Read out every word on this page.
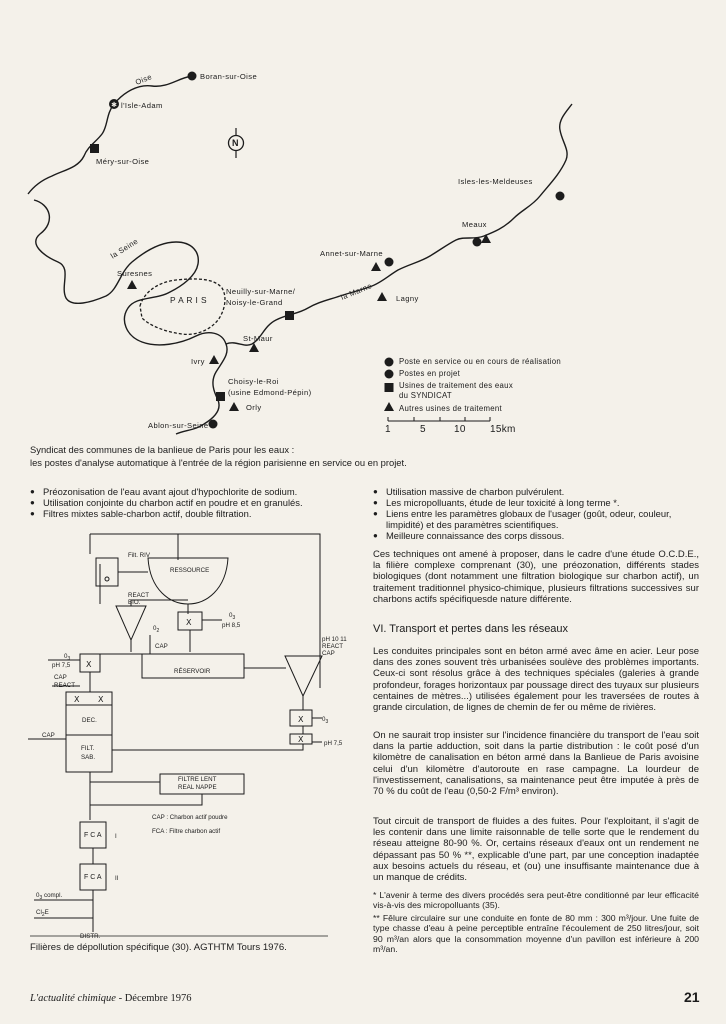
✱
Boran-sur-Oise
l'Isle-Adam
Méry-sur-Oise
Isles-les-Meldeuses
Meaux
Annet-sur-Marne
Suresnes
Neuilly-sur-Marne/
Noisy-le-Grand	Lagny
P A R I S
St-Maur
Ivry
Choisy-le-Roi
(usine Edmond-Pépin)
Orly
Ablon-sur-Seine
Oise
la Seine
la Marne
N
Poste en service ou en cours de réalisation
Postes en projet
Usines de traitement des eaux
du SYNDICAT
Autres usines de traitement
1	5	10 15km
Syndicat des communes de la banlieue de Paris pour les eaux :
les postes d'analyse automatique à l'entrée de la région parisienne en service ou en projet.
● Préozonisation de l'eau avant ajout d'hypochlorite de sodium.
● Utilisation conjointe du charbon actif en poudre et en granulés.
● Filtres mixtes sable-charbon actif, double filtration.
● Utilisation massive de charbon pulvérulent.
● Les micropolluants, étude de leur toxicité à long terme *.
● Liens entre les paramètres globaux de l'usager (goût, odeur, couleur, limpidité) et des paramètres scientifiques.
● Meilleure connaissance des corps dissous.
X
X
X X
X
X
Filt. RIV
RESSOURCE
REACT BIO.
$0_3$
pH 8,5
$0_2$
CAP
RÉSERVOIR
pH 10 11
REACT
CAP
$0_3$
pH 7,5
CAP
REACT
$0_3$
pH 7,5
DEC.
CAP
FILT.
SAB.
FILTRE LENT
REAL NAPPE
CAP : Charbon actif poudre
FCA : Filtre charbon actif
F C A I
F C A II
$0_3$ compl.
$Cl_2E$
DISTR.
Filières de dépollution spécifique (30). AGTHTM Tours 1976.

Ces techniques ont amené à proposer, dans le cadre d'une étude O.C.D.E., la filière complexe comprenant (30), une préozonation, différents stades biologiques (dont notamment une filtration biologique sur charbon actif), un traitement traditionnel physico-chimique, plusieurs filtrations successives sur charbons actifs spécifiquesde nature différente.

VI. Transport et pertes dans les réseaux

Les conduites principales sont en béton armé avec âme en acier. Leur pose dans des zones souvent très urbanisées soulève des problèmes importants. Ceux-ci sont résolus grâce à des techniques spéciales (galeries à grande profondeur, forages horizontaux par poussage direct des tuyaux sur plusieurs centaines de mètres...) utilisées également pour les traversées de routes à grande circulation, de lignes de chemin de fer ou même de rivières.

On ne saurait trop insister sur l'incidence financière du transport de l'eau soit dans la partie adduction, soit dans la partie distribution : le coût posé d'un kilomètre de canalisation en béton armé dans la Banlieue de Paris avoisine celui d'un kilomètre d'autoroute en rase campagne. La lourdeur de l'investissement, canalisations, sa maintenance peut être imputée à près de 70 % du coût de l'eau (0,50-2 F/m³ environ).

Tout circuit de transport de fluides a des fuites. Pour l'exploitant, il s'agit de les contenir dans une limite raisonnable de telle sorte que le rendement du réseau atteigne 80-90 %. Or, certains réseaux d'eaux ont un rendement ne dépassant pas 50 % **, explicable d'une part, par une conception inadaptée aux besoins actuels du réseau, et (ou) une insuffisante maintenance due à un manque de crédits.

* L'avenir à terme des divers procédés sera peut-être conditionné par leur efficacité vis-à-vis des micropolluants (35).

** Fêlure circulaire sur une conduite en fonte de 80 mm : 300 m³/jour. Une fuite de type chasse d'eau à peine perceptible entraîne l'écoulement de 250 litres/jour, soit 90 m³/an alors que la consommation moyenne d'un pavillon est inférieure à 200 m³/an.

L'actualité chimique - Décembre 1976	21
